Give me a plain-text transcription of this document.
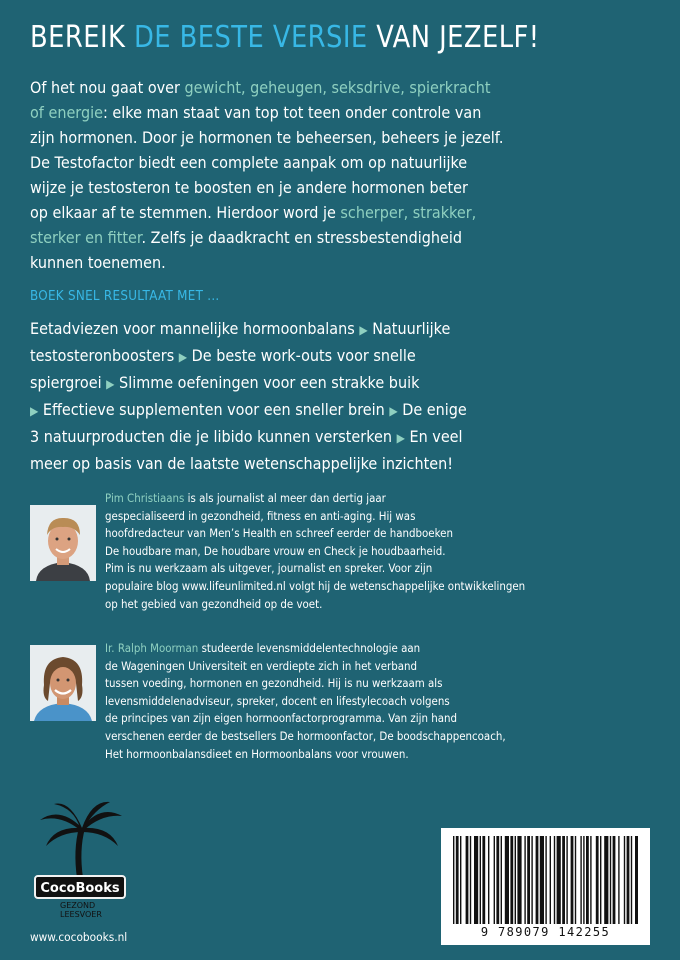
BEREIK DE BESTE VERSIE VAN JEZELF!
Of het nou gaat over gewicht, geheugen, seksdrive, spierkracht
of energie: elke man staat van top tot teen onder controle van
zijn hormonen. Door je hormonen te beheersen, beheers je jezelf.
De Testofactor biedt een complete aanpak om op natuurlijke
wijze je testosteron te boosten en je andere hormonen beter
op elkaar af te stemmen. Hierdoor word je scherper, strakker,
sterker en fitter. Zelfs je daadkracht en stressbestendigheid
kunnen toenemen.
BOEK SNEL RESULTAAT MET ...
Eetadviezen voor mannelijke hormoonbalans ▶ Natuurlijke
testosteronboosters ▶ De beste work-outs voor snelle
spiergroei ▶ Slimme oefeningen voor een strakke buik
▶ Effectieve supplementen voor een sneller brein ▶ De enige
3 natuurproducten die je libido kunnen versterken ▶ En veel
meer op basis van de laatste wetenschappelijke inzichten!
Pim Christiaans is als journalist al meer dan dertig jaar
gespecialiseerd in gezondheid, fitness en anti-aging. Hij was
hoofdredacteur van Men’s Health en schreef eerder de handboeken
De houdbare man, De houdbare vrouw en Check je houdbaarheid.
Pim is nu werkzaam als uitgever, journalist en spreker. Voor zijn
populaire blog www.lifeunlimited.nl volgt hij de wetenschappelijke ontwikkelingen
op het gebied van gezondheid op de voet.
Ir. Ralph Moorman studeerde levensmiddelentechnologie aan
de Wageningen Universiteit en verdiepte zich in het verband
tussen voeding, hormonen en gezondheid. Hij is nu werkzaam als
levensmiddelenadviseur, spreker, docent en lifestylecoach volgens
de principes van zijn eigen hormoonfactorprogramma. Van zijn hand
verschenen eerder de bestsellers De hormoonfactor, De boodschappencoach,
Het hormoonbalansdieet en Hormoonbalans voor vrouwen.
CocoBooks
GEZOND
LEESVOER
www.cocobooks.nl	9 789079 142255
